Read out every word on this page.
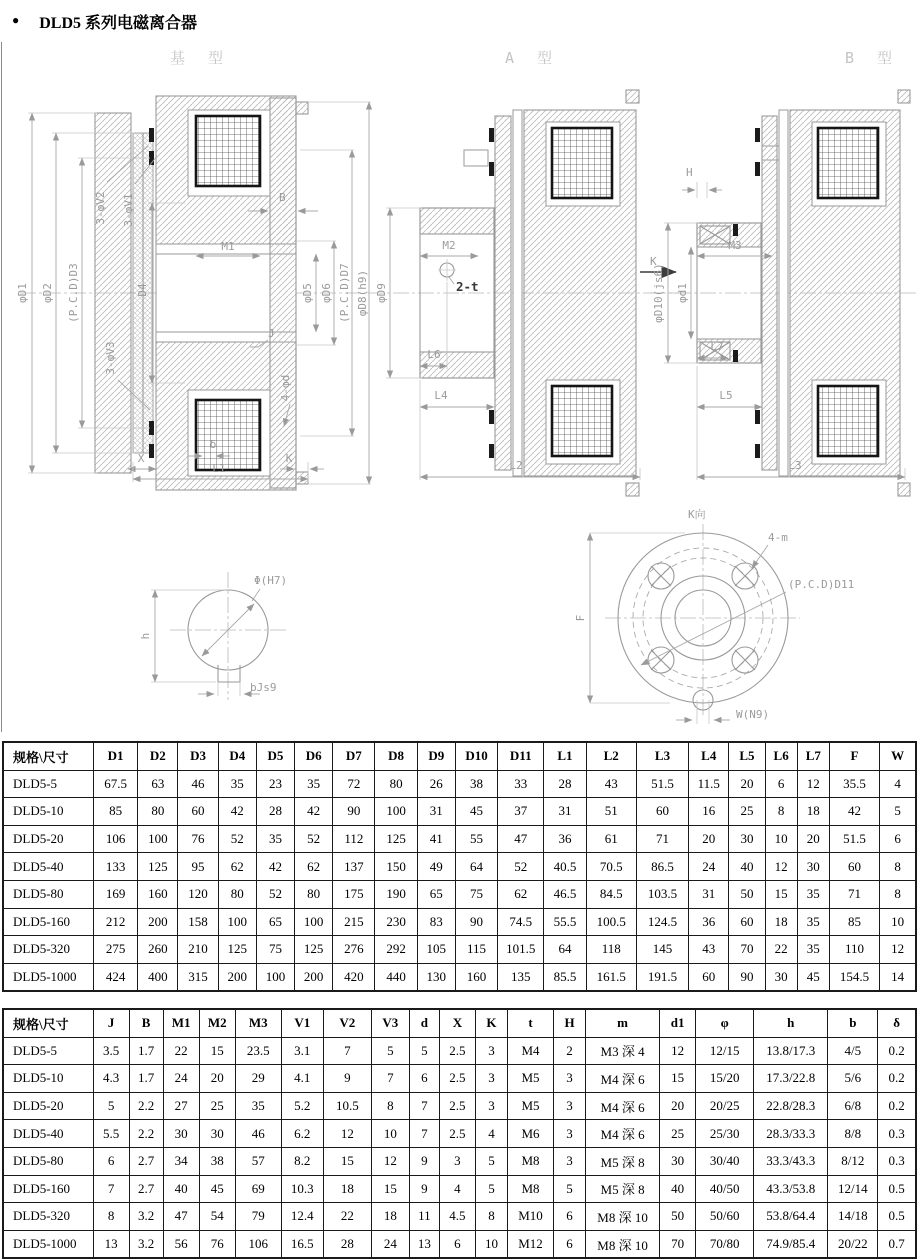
● DLD5 系列电磁离合器
基 型
φD1 φD2 (P.C.D)D3	D4
3-φV2 3-φV1
3-φV3
B
M1
φD5 φD6 (P.C.D)D7 φD8(h9)
J
4-φd
δ
X
L1
K
A 型
φD9
M2
2-t
L6
L4
L2
K
B 型
H
φD10(js6) φd1
M3
L7
L5
L3
Φ(H7)
h
bJs9
K向
4-m
(P.C.D)D11
F
W(N9)
规格\尺寸	D1	D2	D3	D4	D5	D6	D7	D8	D9	D10	D11	L1	L2	L3	L4	L5	L6	L7	F	W
DLD5-5	67.5	63	46	35	23	35	72	80	26	38	33	28	43	51.5	11.5	20	6	12	35.5	4
DLD5-10	85	80	60	42	28	42	90	100	31	45	37	31	51	60	16	25	8	18	42	5
DLD5-20	106	100	76	52	35	52	112	125	41	55	47	36	61	71	20	30	10	20	51.5	6
DLD5-40	133	125	95	62	42	62	137	150	49	64	52	40.5	70.5	86.5	24	40	12	30	60	8
DLD5-80	169	160	120	80	52	80	175	190	65	75	62	46.5	84.5	103.5	31	50	15	35	71	8
DLD5-160	212	200	158	100	65	100	215	230	83	90	74.5	55.5	100.5	124.5	36	60	18	35	85	10
DLD5-320	275	260	210	125	75	125	276	292	105	115	101.5	64	118	145	43	70	22	35	110	12
DLD5-1000	424	400	315	200	100	200	420	440	130	160	135	85.5	161.5	191.5	60	90	30	45	154.5	14
规格\尺寸	J	B	M1	M2	M3	V1	V2	V3	d	X	K	t	H	m	d1	φ	h	b	δ
DLD5-5	3.5	1.7	22	15	23.5	3.1	7	5	5	2.5	3	M4	2	M3 深 4	12	12/15	13.8/17.3	4/5	0.2
DLD5-10	4.3	1.7	24	20	29	4.1	9	7	6	2.5	3	M5	3	M4 深 6	15	15/20	17.3/22.8	5/6	0.2
DLD5-20	5	2.2	27	25	35	5.2	10.5	8	7	2.5	3	M5	3	M4 深 6	20	20/25	22.8/28.3	6/8	0.2
DLD5-40	5.5	2.2	30	30	46	6.2	12	10	7	2.5	4	M6	3	M4 深 6	25	25/30	28.3/33.3	8/8	0.3
DLD5-80	6	2.7	34	38	57	8.2	15	12	9	3	5	M8	3	M5 深 8	30	30/40	33.3/43.3	8/12	0.3
DLD5-160	7	2.7	40	45	69	10.3	18	15	9	4	5	M8	5	M5 深 8	40	40/50	43.3/53.8	12/14	0.5
DLD5-320	8	3.2	47	54	79	12.4	22	18	11	4.5	8	M10	6	M8 深 10	50	50/60	53.8/64.4	14/18	0.5
DLD5-1000	13	3.2	56	76	106	16.5	28	24	13	6	10	M12	6	M8 深 10	70	70/80	74.9/85.4	20/22	0.7
